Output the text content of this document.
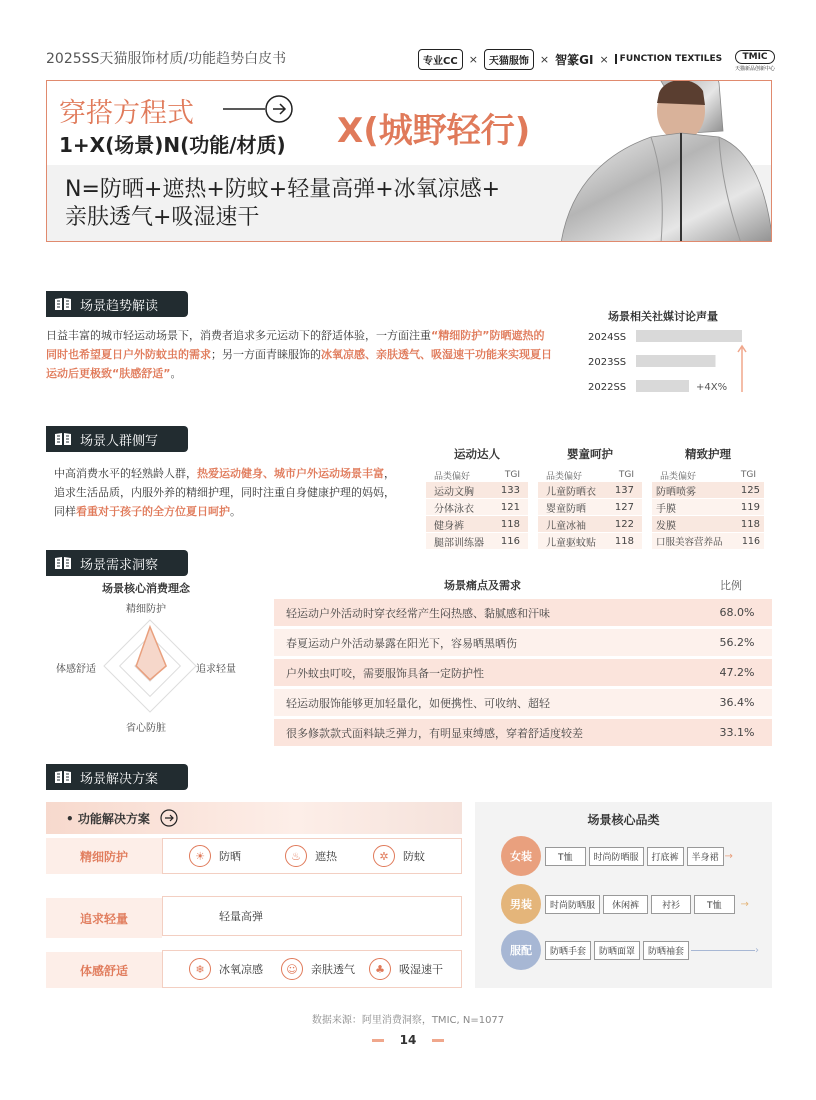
2025SS天猫服饰材质/功能趋势白皮书	专业CC	×	天猫服饰	× 智篆GI ×	FUNCTION TEXTILES	TMIC
天猫新品创新中心
穿搭方程式
1+X(场景)N(功能/材质) X(城野轻行)
N=防晒+遮热+防蚊+轻量高弹+冰氧凉感+
亲肤透气+吸湿速干
场景趋势解读
日益丰富的城市轻运动场景下，消费者追求多元运动下的舒适体验，一方面注重“精细防护”防晒遮热的同时也希望夏日户外防蚊虫的需求；另一方面青睐服饰的冰氧凉感、亲肤透气、吸湿速干功能来实现夏日运动后更极致“肤感舒适”。
场景相关社媒讨论声量
2024SS
2023SS
2022SS	+4X%
场景人群侧写
中高消费水平的轻熟龄人群，热爱运动健身、城市户外运动场景丰富，追求生活品质，内服外养的精细护理，同时注重自身健康护理的妈妈，同样看重对于孩子的全方位夏日呵护。
运动达人
品类偏好	TGI
运动文胸	133
分体泳衣	121
健身裤	118
腿部训练器 116
婴童呵护
品类偏好	TGI
儿童防晒衣 137
婴童防晒	127
儿童冰袖	122
儿童驱蚊贴 118
精致护理
品类偏好	TGI
防晒喷雾	125
手膜	119
发膜	118
口服美容营养品 116
场景需求洞察
场景核心消费理念
精细防护
追求轻量
省心防脏
体感舒适
场景痛点及需求	比例
轻运动户外活动时穿衣经常产生闷热感、黏腻感和汗味	68.0%
春夏运动户外活动暴露在阳光下，容易晒黑晒伤	56.2%
户外蚊虫叮咬，需要服饰具备一定防护性	47.2%
轻运动服饰能够更加轻量化，如便携性、可收纳、超轻	36.4%
很多修款款式面料缺乏弹力，有明显束缚感，穿着舒适度较差	33.1%
场景解决方案
• 功能解决方案
精细防护	☀	防晒	♨	遮热	✲	防蚊
追求轻量	轻量高弹
体感舒适	❄	冰氧凉感	☺	亲肤透气	♣	吸湿速干
场景核心品类
女装	T恤	时尚防晒服	打底裤	半身裙 →
男装	时尚防晒服	休闲裤	衬衫	T恤	→
服配	防晒手套	防晒面罩	防晒袖套	›
数据来源：阿里消费洞察，TMIC, N=1077
14
